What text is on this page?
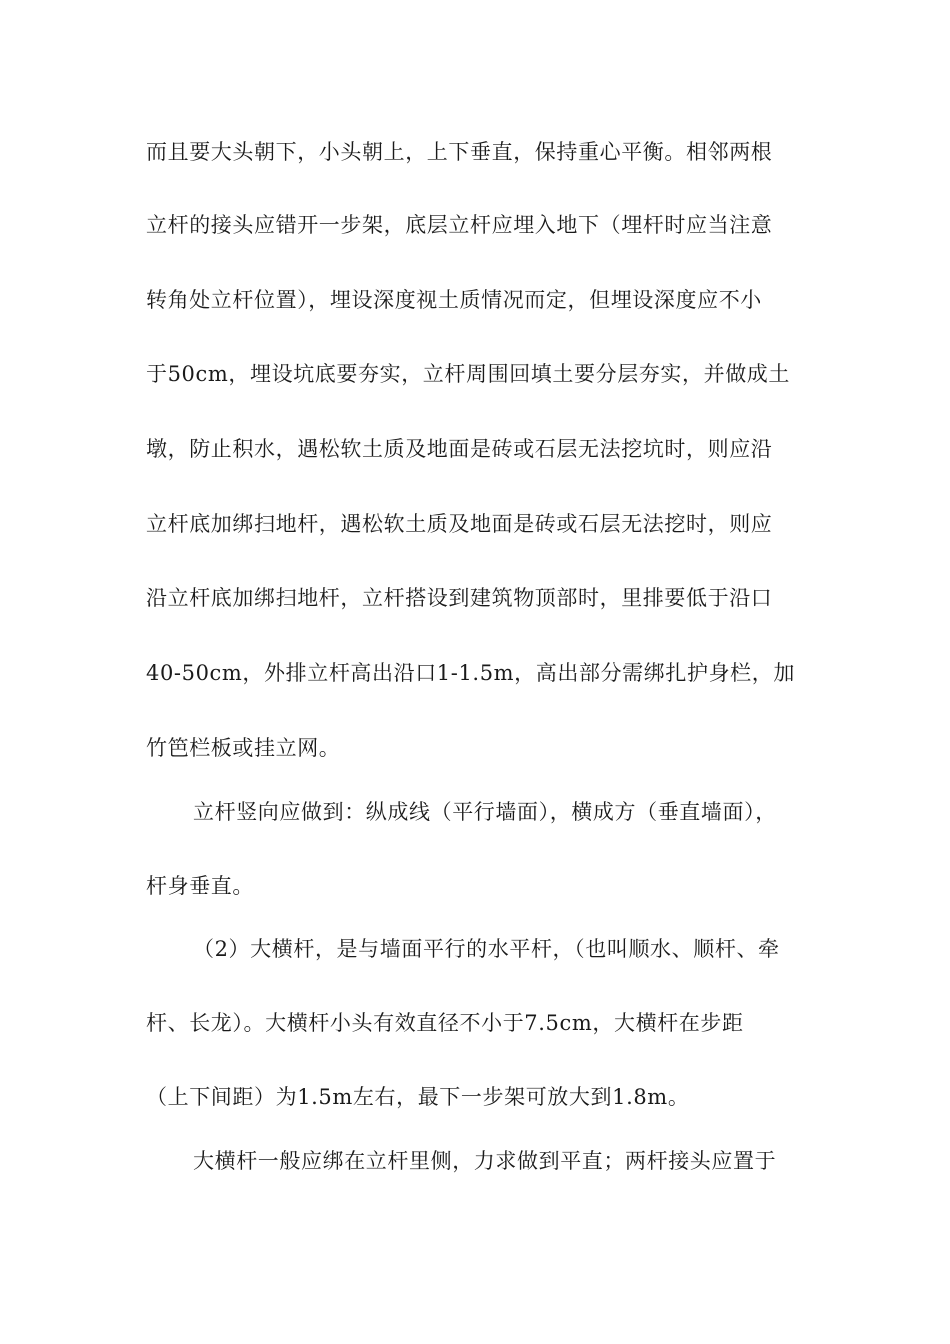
而且要大头朝下，小头朝上，上下垂直，保持重心平衡。相邻两根
立杆的接头应错开一步架，底层立杆应埋入地下（埋杆时应当注意
转角处立杆位置），埋设深度视土质情况而定，但埋设深度应不小
于50cm，埋设坑底要夯实，立杆周围回填土要分层夯实，并做成土
墩，防止积水，遇松软土质及地面是砖或石层无法挖坑时，则应沿
立杆底加绑扫地杆，遇松软土质及地面是砖或石层无法挖时，则应
沿立杆底加绑扫地杆，立杆搭设到建筑物顶部时，里排要低于沿口
40-50cm，外排立杆高出沿口1-1.5m，高出部分需绑扎护身栏，加
竹笆栏板或挂立网。
立杆竖向应做到：纵成线（平行墙面），横成方（垂直墙面），
杆身垂直。
（2）大横杆，是与墙面平行的水平杆，（也叫顺水、顺杆、牵
杆、长龙）。大横杆小头有效直径不小于7.5cm，大横杆在步距
（上下间距）为1.5m左右，最下一步架可放大到1.8m。
大横杆一般应绑在立杆里侧，力求做到平直；两杆接头应置于
